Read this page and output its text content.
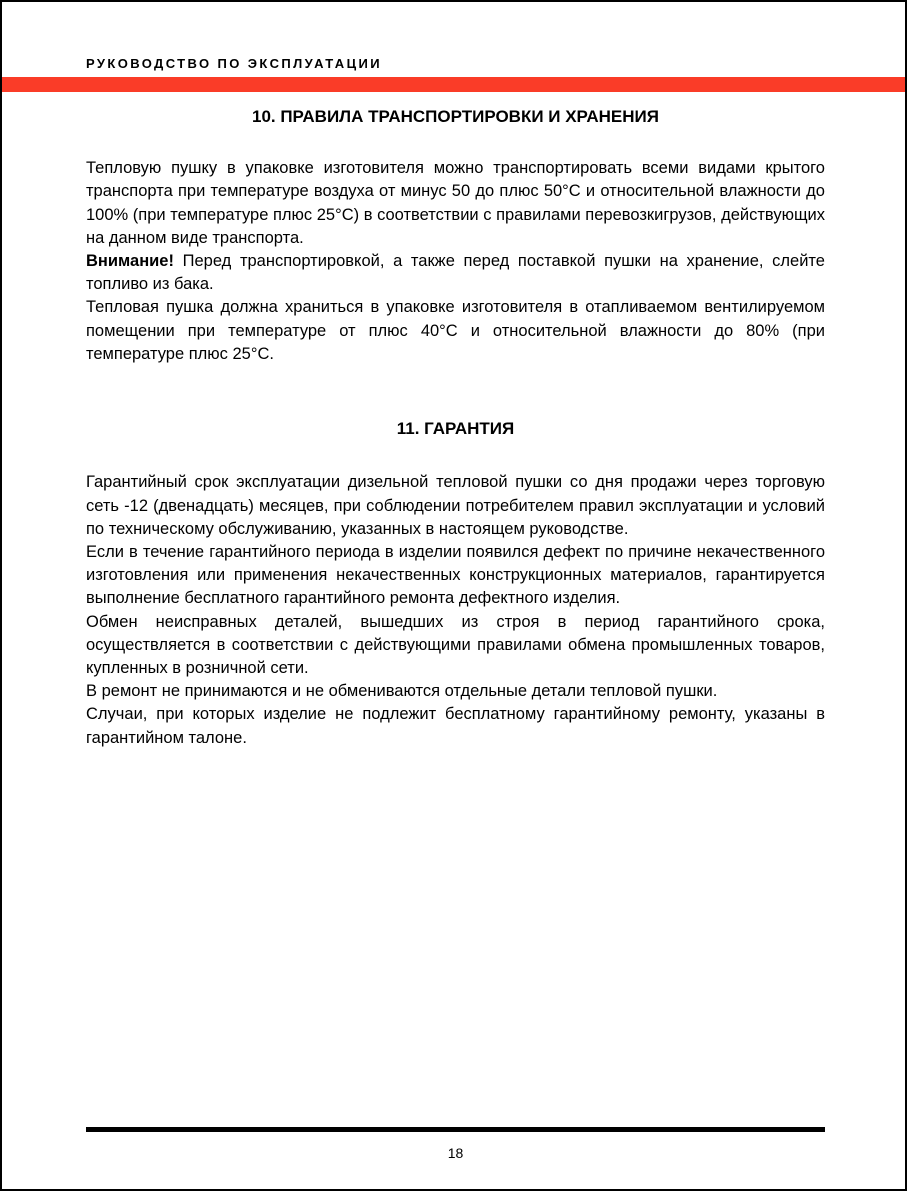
РУКОВОДСТВО ПО ЭКСПЛУАТАЦИИ
10. ПРАВИЛА ТРАНСПОРТИРОВКИ И ХРАНЕНИЯ

Тепловую пушку в упаковке изготовителя можно транспортировать всеми видами крытого транспорта при температуре воздуха от минус 50 до плюс 50°С и относительной влажности до 100% (при температуре плюс 25°С) в соответствии с правилами перевозкигрузов, действующих на данном виде транспорта.

Внимание! Перед транспортировкой, а также перед поставкой пушки на хранение, слейте топливо из бака.

Тепловая пушка должна храниться в упаковке изготовителя в отапливаемом вентилируемом помещении при температуре от плюс 40°С и относительной влажности до 80% (при температуре плюс 25°С.

11. ГАРАНТИЯ

Гарантийный срок эксплуатации дизельной тепловой пушки со дня продажи через торговую сеть -12 (двенадцать) месяцев, при соблюдении потребителем правил эксплуатации и условий по техническому обслуживанию, указанных в настоящем руководстве.

Если в течение гарантийного периода в изделии появился дефект по причине некачественного изготовления или применения некачественных конструкционных материалов, гарантируется выполнение бесплатного гарантийного ремонта дефектного изделия.

Обмен неисправных деталей, вышедших из строя в период гарантийного срока, осуществляется в соответствии с действующими правилами обмена промышленных товаров, купленных в розничной сети.

В ремонт не принимаются и не обмениваются отдельные детали тепловой пушки.

Случаи, при которых изделие не подлежит бесплатному гарантийному ремонту, указаны в гарантийном талоне.

18
